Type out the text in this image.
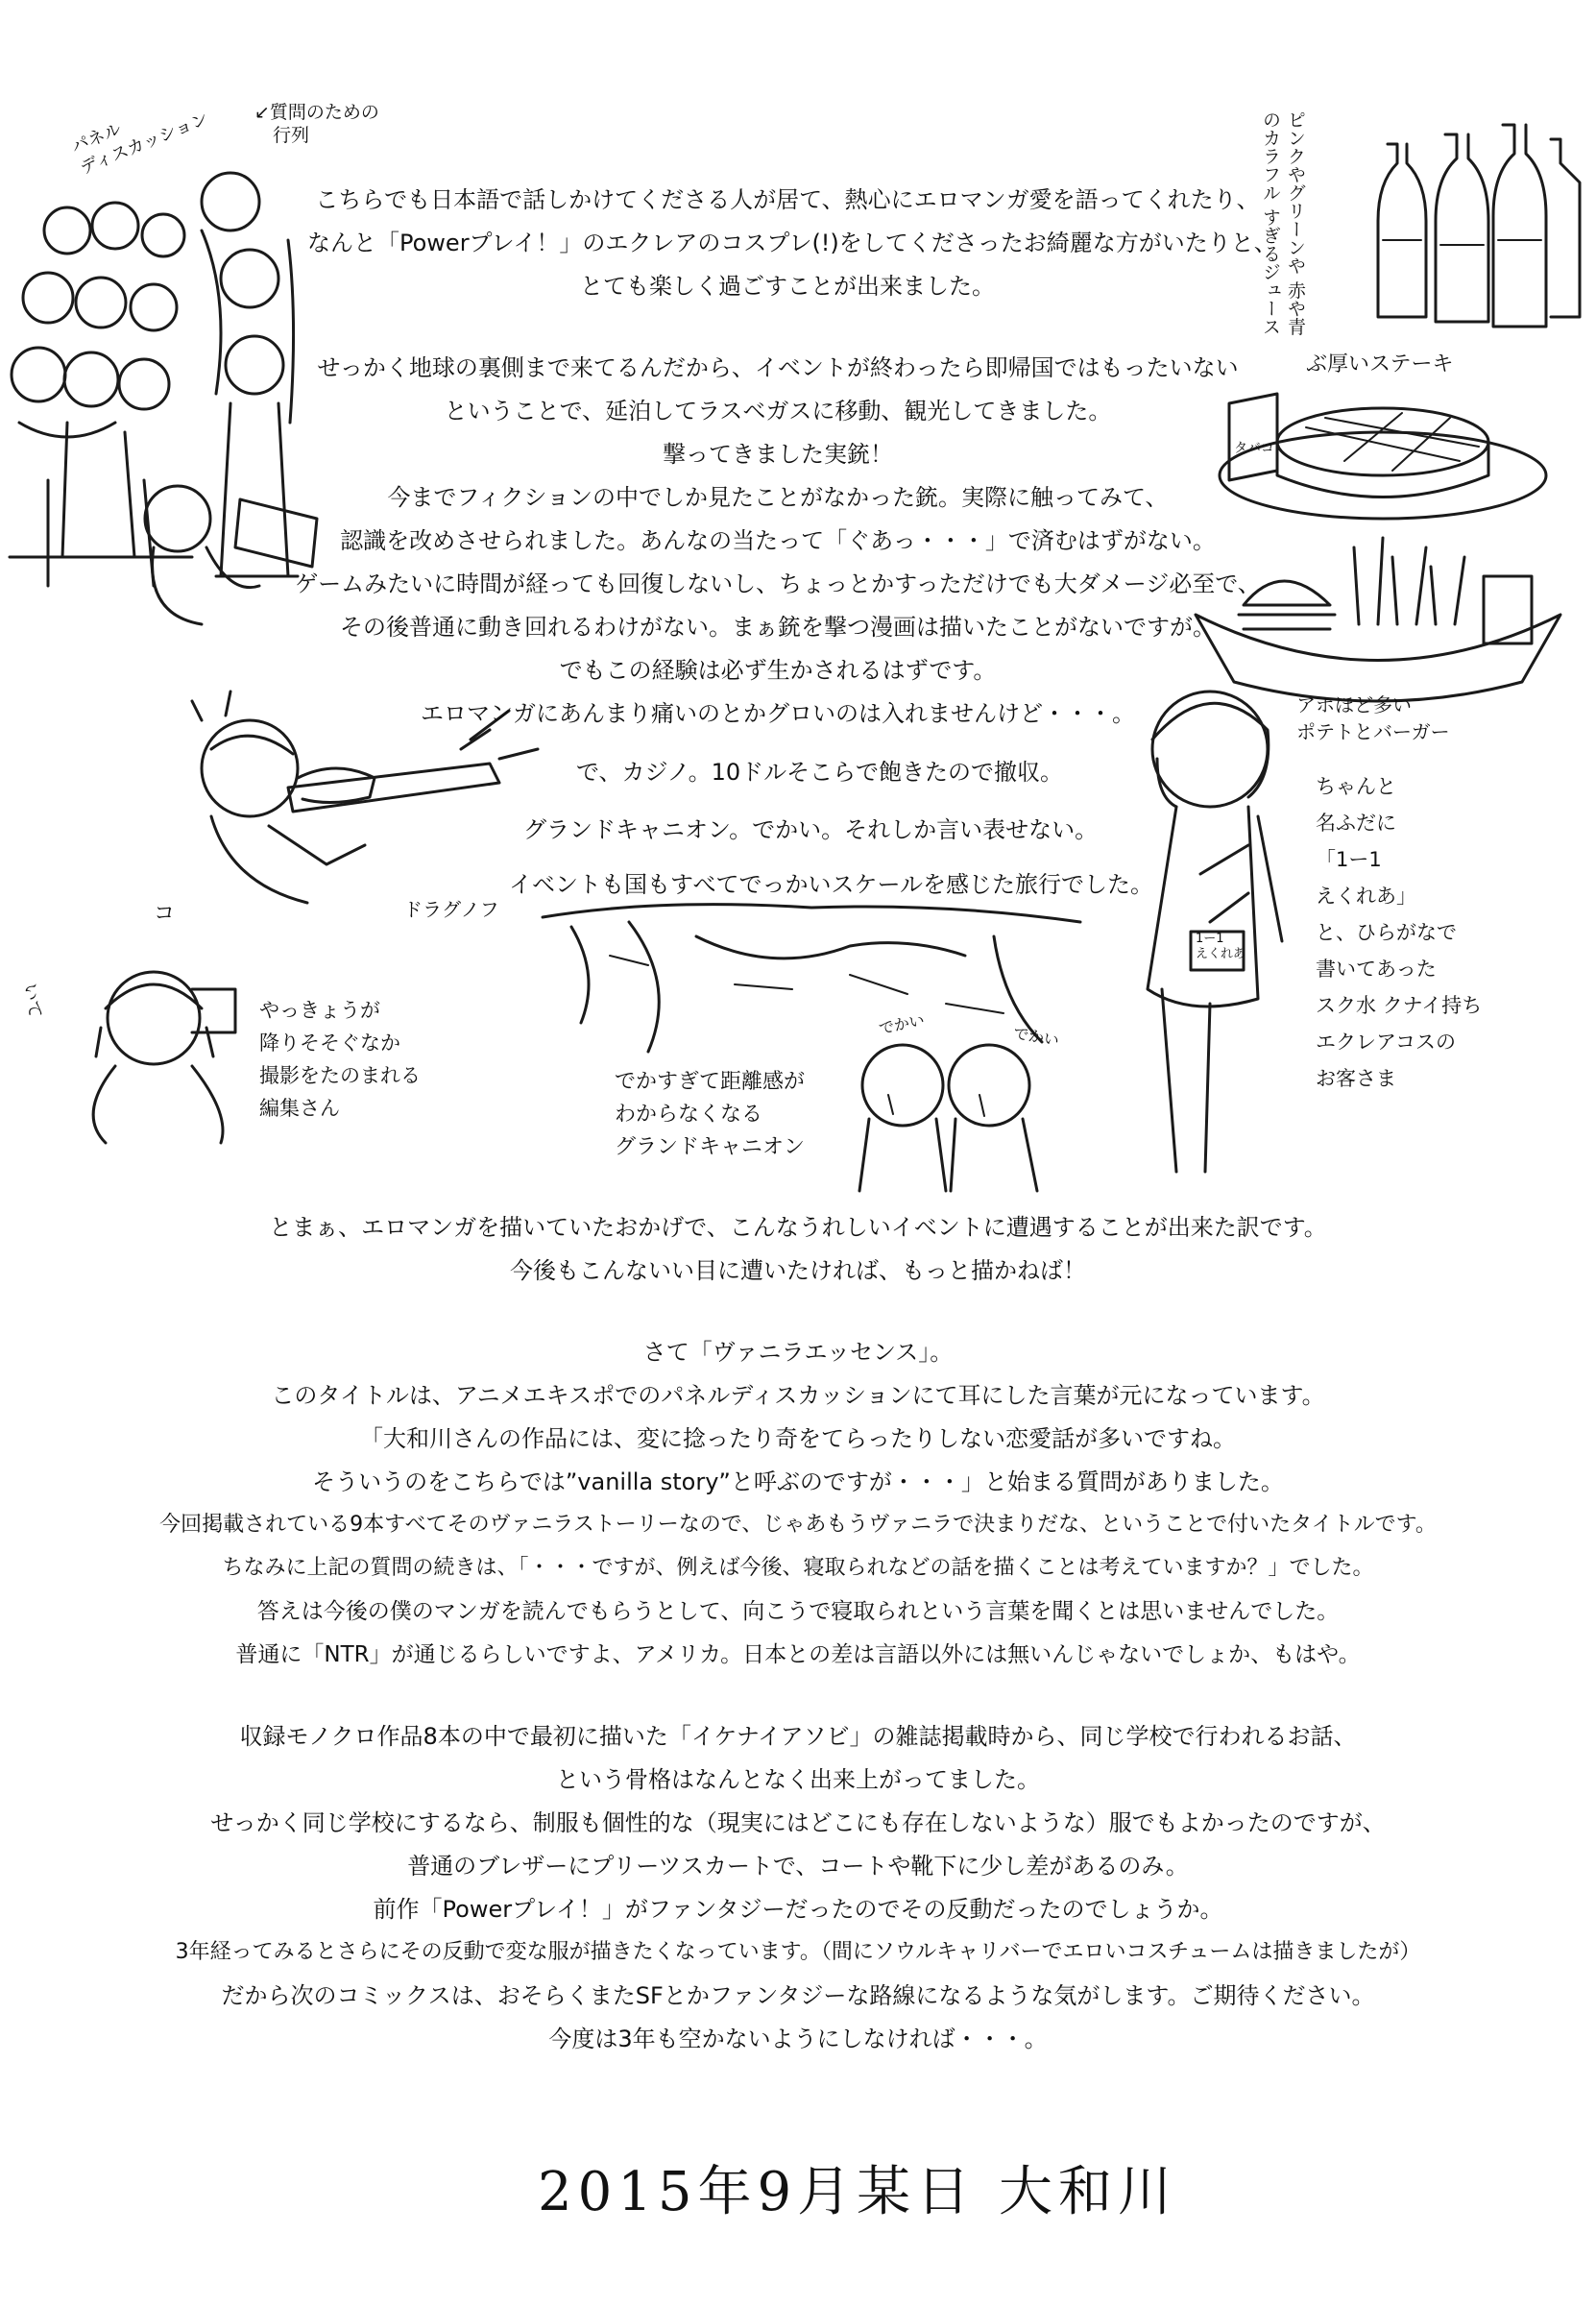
タバコ
1ー1
えくれあ
パネル
ディスカッション ↙質問のための
　行列	ピンクやグリーンや 赤や青のカラフル すぎるジュース
ぶ厚いステーキ
アホほど多い
ポテトとバーガー
ドラグノフ
ちゃんと
名ふだに
「1ー1
えくれあ」
と、ひらがなで
書いてあった
スク水 クナイ持ち
エクレアコスの
お客さま
でかすぎて距離感が
わからなくなる
グランドキャニオン
でかい	でかい
やっきょうが
降りそそぐなか
撮影をたのまれる
編集さん
コ
いて
こちらでも日本語で話しかけてくださる人が居て、熱心にエロマンガ愛を語ってくれたり、
なんと「Powerプレイ！」のエクレアのコスプレ(!)をしてくださったお綺麗な方がいたりと、
とても楽しく過ごすことが出来ました。
せっかく地球の裏側まで来てるんだから、イベントが終わったら即帰国ではもったいない
ということで、延泊してラスベガスに移動、観光してきました。
撃ってきました実銃！
今までフィクションの中でしか見たことがなかった銃。実際に触ってみて、
認識を改めさせられました。あんなの当たって「ぐあっ・・・」で済むはずがない。
ゲームみたいに時間が経っても回復しないし、ちょっとかすっただけでも大ダメージ必至で、
その後普通に動き回れるわけがない。まぁ銃を撃つ漫画は描いたことがないですが。
でもこの経験は必ず生かされるはずです。
エロマンガにあんまり痛いのとかグロいのは入れませんけど・・・。
で、カジノ。10ドルそこらで飽きたので撤収。
グランドキャニオン。でかい。それしか言い表せない。
イベントも国もすべてでっかいスケールを感じた旅行でした。
とまぁ、エロマンガを描いていたおかげで、こんなうれしいイベントに遭遇することが出来た訳です。
今後もこんないい目に遭いたければ、もっと描かねば！
さて「ヴァニラエッセンス」。
このタイトルは、アニメエキスポでのパネルディスカッションにて耳にした言葉が元になっています。
「大和川さんの作品には、変に捻ったり奇をてらったりしない恋愛話が多いですね。
そういうのをこちらでは”vanilla story”と呼ぶのですが・・・」と始まる質問がありました。
今回掲載されている9本すべてそのヴァニラストーリーなので、じゃあもうヴァニラで決まりだな、ということで付いたタイトルです。
ちなみに上記の質問の続きは、「・・・ですが、例えば今後、寝取られなどの話を描くことは考えていますか？」でした。
答えは今後の僕のマンガを読んでもらうとして、向こうで寝取られという言葉を聞くとは思いませんでした。
普通に「NTR」が通じるらしいですよ、アメリカ。日本との差は言語以外には無いんじゃないでしょか、もはや。
収録モノクロ作品8本の中で最初に描いた「イケナイアソビ」の雑誌掲載時から、同じ学校で行われるお話、
という骨格はなんとなく出来上がってました。
せっかく同じ学校にするなら、制服も個性的な（現実にはどこにも存在しないような）服でもよかったのですが、
普通のブレザーにプリーツスカートで、コートや靴下に少し差があるのみ。
前作「Powerプレイ！」がファンタジーだったのでその反動だったのでしょうか。
3年経ってみるとさらにその反動で変な服が描きたくなっています。（間にソウルキャリバーでエロいコスチュームは描きましたが）
だから次のコミックスは、おそらくまたSFとかファンタジーな路線になるような気がします。ご期待ください。
今度は3年も空かないようにしなければ・・・。
2015年9月某日 大和川
